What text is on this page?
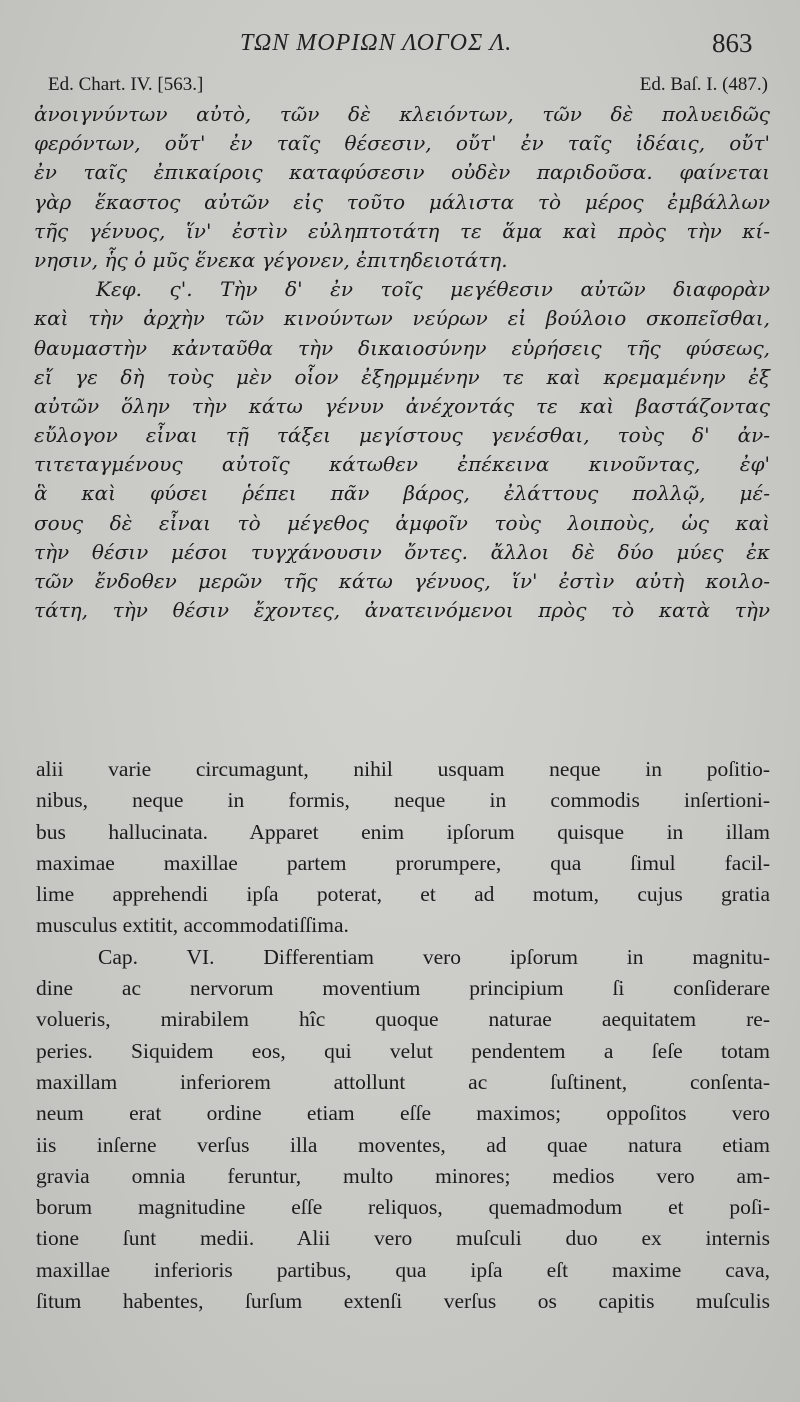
ΤΩΝ ΜΟΡΙΩΝ ΛΟΓΟΣ Λ.	863
Ed. Chart. IV. [563.]	Ed. Baſ. I. (487.)
ἀνοιγνύντων αὐτὸ, τῶν δὲ κλειόντων, τῶν δὲ πολυειδῶς
φερόντων, οὔτ' ἐν ταῖς θέσεσιν, οὔτ' ἐν ταῖς ἰδέαις, οὔτ'
ἐν ταῖς ἐπικαίροις καταφύσεσιν οὐδὲν παριδοῦσα. φαίνεται
γὰρ ἕκαστος αὐτῶν εἰς τοῦτο μάλιστα τὸ μέρος ἐμβάλλων
τῆς γένυος, ἵν' ἐστὶν εὐληπτοτάτη τε ἅμα καὶ πρὸς τὴν κί-
νησιν, ἧς ὁ μῦς ἕνεκα γέγονεν, ἐπιτηδειοτάτη.
Κεφ. ς'. Τὴν δ' ἐν τοῖς μεγέθεσιν αὐτῶν διαφορὰν
καὶ τὴν ἀρχὴν τῶν κινούντων νεύρων εἰ βούλοιο σκοπεῖσθαι,
θαυμαστὴν κἀνταῦθα τὴν δικαιοσύνην εὑρήσεις τῆς φύσεως,
εἴ γε δὴ τοὺς μὲν οἷον ἐξηρμμένην τε καὶ κρεμαμένην ἐξ
αὐτῶν ὅλην τὴν κάτω γένυν ἀνέχοντάς τε καὶ βαστάζοντας
εὔλογον εἶναι τῇ τάξει μεγίστους γενέσθαι, τοὺς δ' ἀν-
τιτεταγμένους αὐτοῖς κάτωθεν ἐπέκεινα κινοῦντας, ἐφ'
ἃ καὶ φύσει ῥέπει πᾶν βάρος, ἐλάττους πολλῷ, μέ-
σους δὲ εἶναι τὸ μέγεθος ἀμφοῖν τοὺς λοιποὺς, ὡς καὶ
τὴν θέσιν μέσοι τυγχάνουσιν ὄντες. ἄλλοι δὲ δύο μύες ἐκ
τῶν ἔνδοθεν μερῶν τῆς κάτω γένυος, ἵν' ἐστὶν αὐτὴ κοιλο-
τάτη, τὴν θέσιν ἔχοντες, ἀνατεινόμενοι πρὸς τὸ κατὰ τὴν
alii varie circumagunt, nihil usquam neque in poſitio-
nibus, neque in formis, neque in commodis inſertioni-
bus hallucinata. Apparet enim ipſorum quisque in illam
maximae maxillae partem prorumpere, qua ſimul facil-
lime apprehendi ipſa poterat, et ad motum, cujus gratia
musculus extitit, accommodatiſſima.
Cap. VI. Differentiam vero ipſorum in magnitu-
dine ac nervorum moventium principium ſi conſiderare
volueris, mirabilem hîc quoque naturae aequitatem re-
peries. Siquidem eos, qui velut pendentem a ſeſe totam
maxillam inferiorem attollunt ac ſuſtinent, conſenta-
neum erat ordine etiam eſſe maximos; oppoſitos vero
iis inſerne verſus illa moventes, ad quae natura etiam
gravia omnia feruntur, multo minores; medios vero am-
borum magnitudine eſſe reliquos, quemadmodum et poſi-
tione ſunt medii. Alii vero muſculi duo ex internis
maxillae inferioris partibus, qua ipſa eſt maxime cava,
ſitum habentes, ſurſum extenſi verſus os capitis muſculis
